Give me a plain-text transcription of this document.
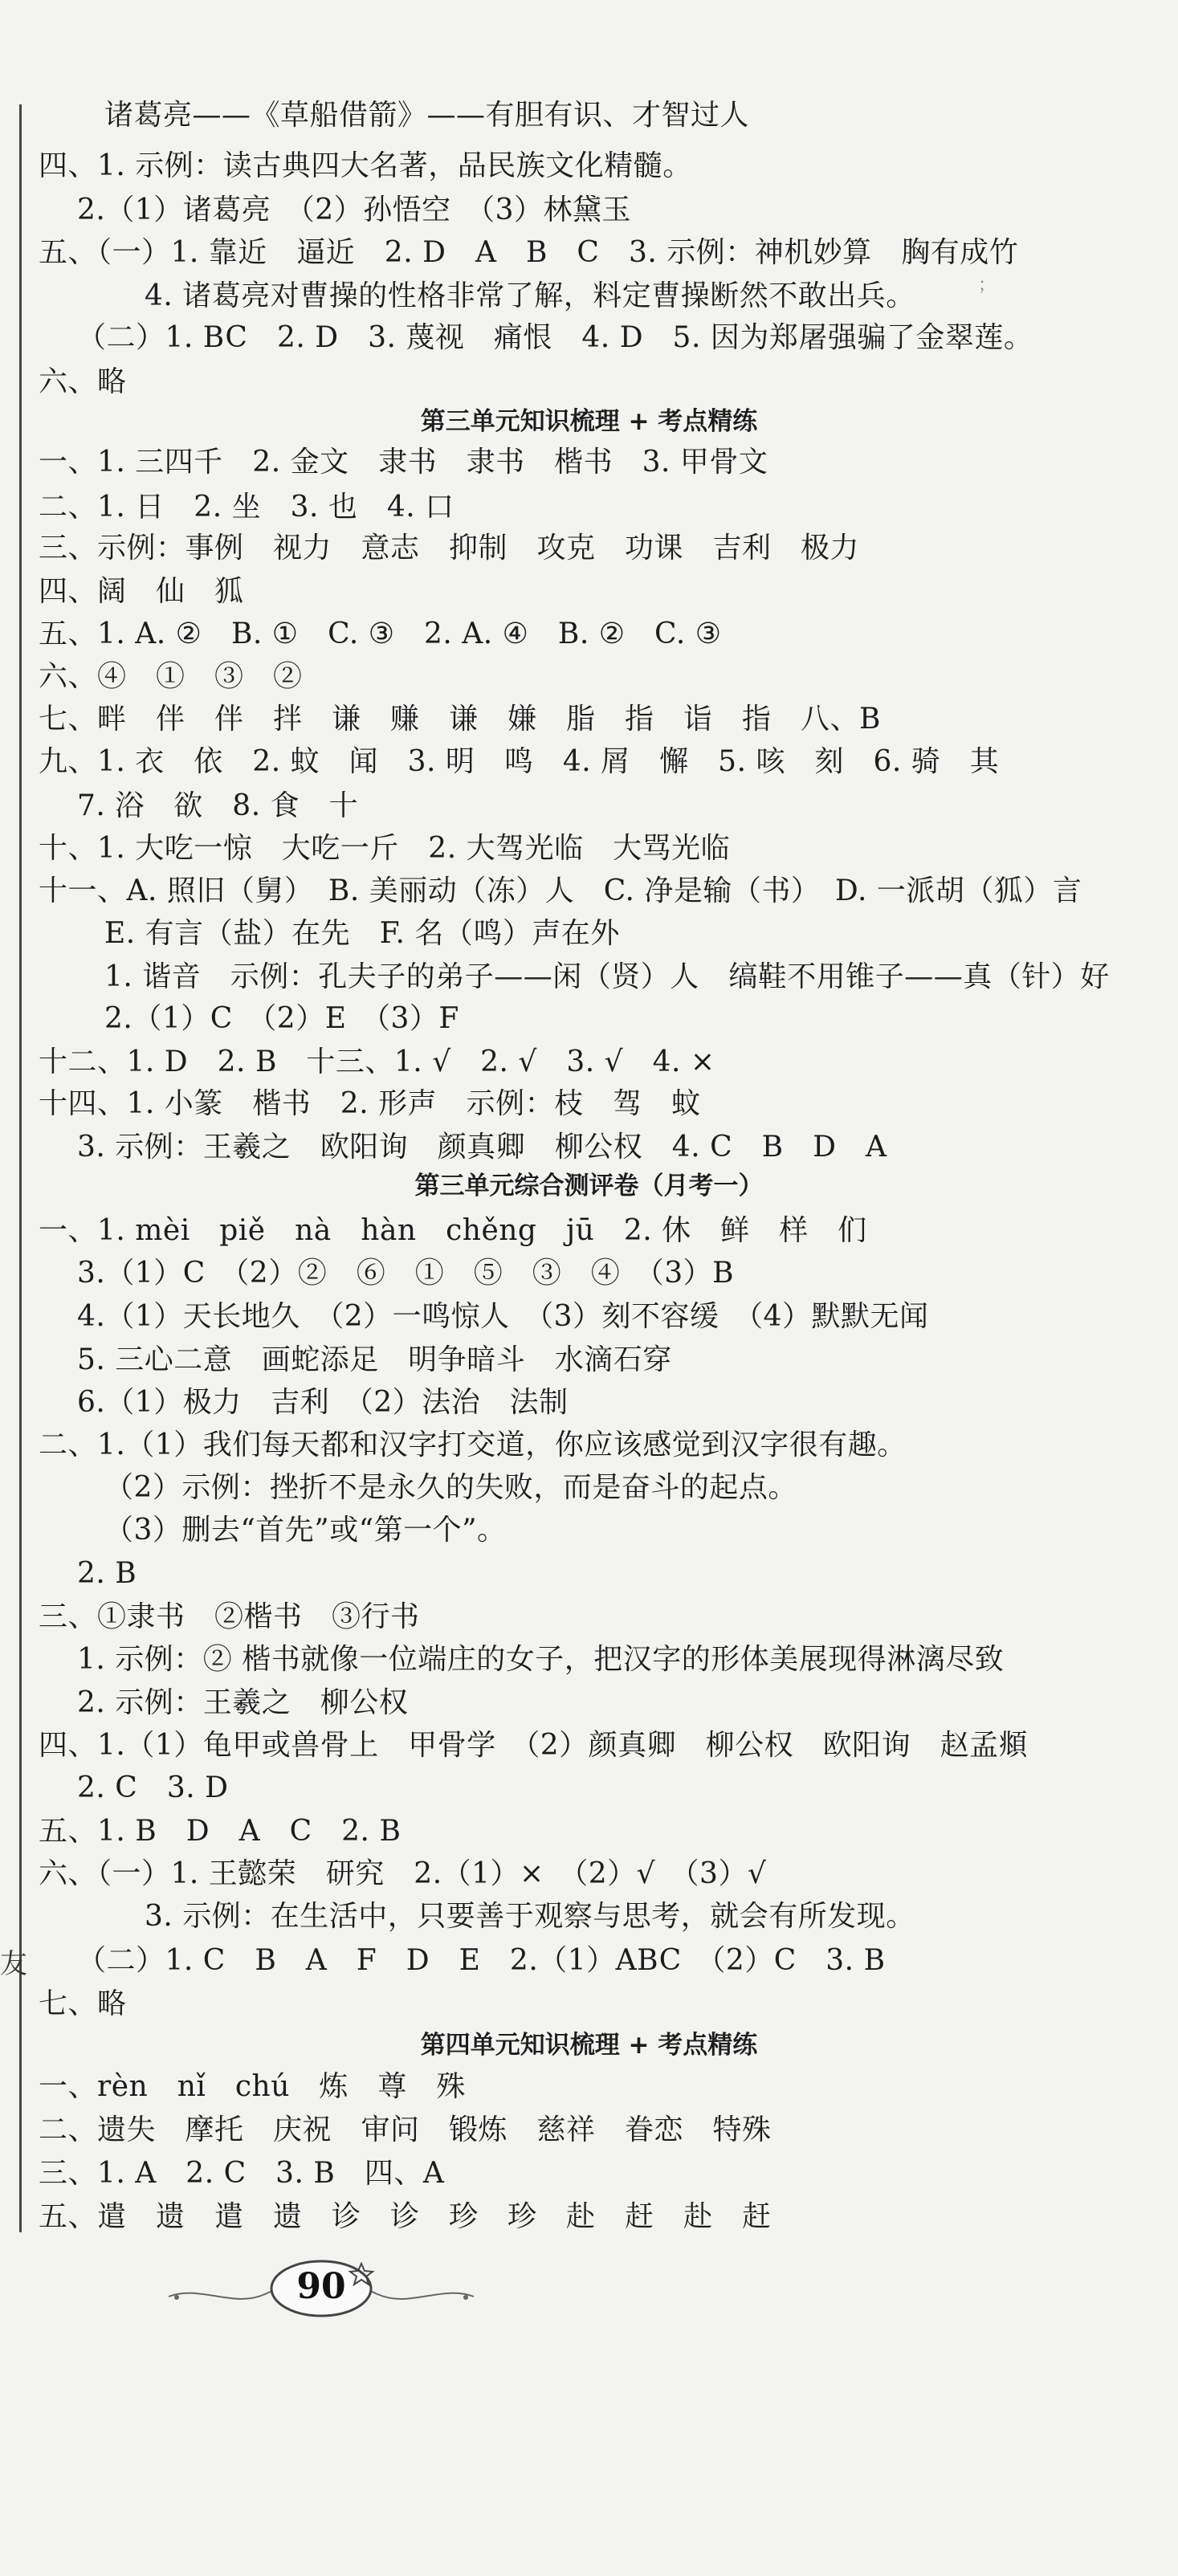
友
；
诸葛亮——《草船借箭》——有胆有识、才智过人
四、1. 示例：读古典四大名著，品民族文化精髓。
2.（1）诸葛亮　（2）孙悟空　（3）林黛玉
五、（一）1. 靠近　逼近　2. D　A　B　C　3. 示例：神机妙算　胸有成竹
4. 诸葛亮对曹操的性格非常了解，料定曹操断然不敢出兵。
（二）1. BC　2. D　3. 蔑视　痛恨　4. D　5. 因为郑屠强骗了金翠莲。
六、略
第三单元知识梳理 + 考点精练
一、1. 三四千　2. 金文　隶书　隶书　楷书　3. 甲骨文
二、1. 日　2. 坐　3. 也　4. 口
三、示例：事例　视力　意志　抑制　攻克　功课　吉利　极力
四、阔　仙　狐
五、1. A. ②　B. ①　C. ③　2. A. ④　B. ②　C. ③
六、④　①　③　②
七、畔　伴　伴　拌　谦　赚　谦　嫌　脂　指　诣　指　八、B
九、1. 衣　依　2. 蚊　闻　3. 明　鸣　4. 屑　懈　5. 咳　刻　6. 骑　其
7. 浴　欲　8. 食　十
十、1. 大吃一惊　大吃一斤　2. 大驾光临　大骂光临
十一、A. 照旧（舅）　B. 美丽动（冻）人　C. 净是输（书）　D. 一派胡（狐）言
E. 有言（盐）在先　F. 名（鸣）声在外
1. 谐音　示例：孔夫子的弟子——闲（贤）人　缟鞋不用锥子——真（针）好
2.（1）C　（2）E　（3）F
十二、1. D　2. B　十三、1. √　2. √　3. √　4. ×
十四、1. 小篆　楷书　2. 形声　示例：枝　驾　蚊
3. 示例：王羲之　欧阳询　颜真卿　柳公权　4. C　B　D　A
第三单元综合测评卷（月考一）
一、1. mèi　piě　nà　hàn　chěng　jū　2. 休　鲜　样　们
3.（1）C　（2）②　⑥　①　⑤　③　④　（3）B
4.（1）天长地久　（2）一鸣惊人　（3）刻不容缓　（4）默默无闻
5. 三心二意　画蛇添足　明争暗斗　水滴石穿
6.（1）极力　吉利　（2）法治　法制
二、1.（1）我们每天都和汉字打交道，你应该感觉到汉字很有趣。
（2）示例：挫折不是永久的失败，而是奋斗的起点。
（3）删去“首先”或“第一个”。
2. B
三、①隶书　②楷书　③行书
1. 示例：② 楷书就像一位端庄的女子，把汉字的形体美展现得淋漓尽致
2. 示例：王羲之　柳公权
四、1.（1）龟甲或兽骨上　甲骨学　（2）颜真卿　柳公权　欧阳询　赵孟頫
2. C　3. D
五、1. B　D　A　C　2. B
六、（一）1. 王懿荣　研究　2.（1）×　（2）√　（3）√
3. 示例：在生活中，只要善于观察与思考，就会有所发现。
（二）1. C　B　A　F　D　E　2.（1）ABC　（2）C　3. B
七、略
第四单元知识梳理 + 考点精练
一、rèn　nǐ　chú　炼　尊　殊
二、遗失　摩托　庆祝　审问　锻炼　慈祥　眷恋　特殊
三、1. A　2. C　3. B　四、A
五、遣　遗　遣　遗　诊　诊　珍　珍　赴　赶　赴　赶
90
